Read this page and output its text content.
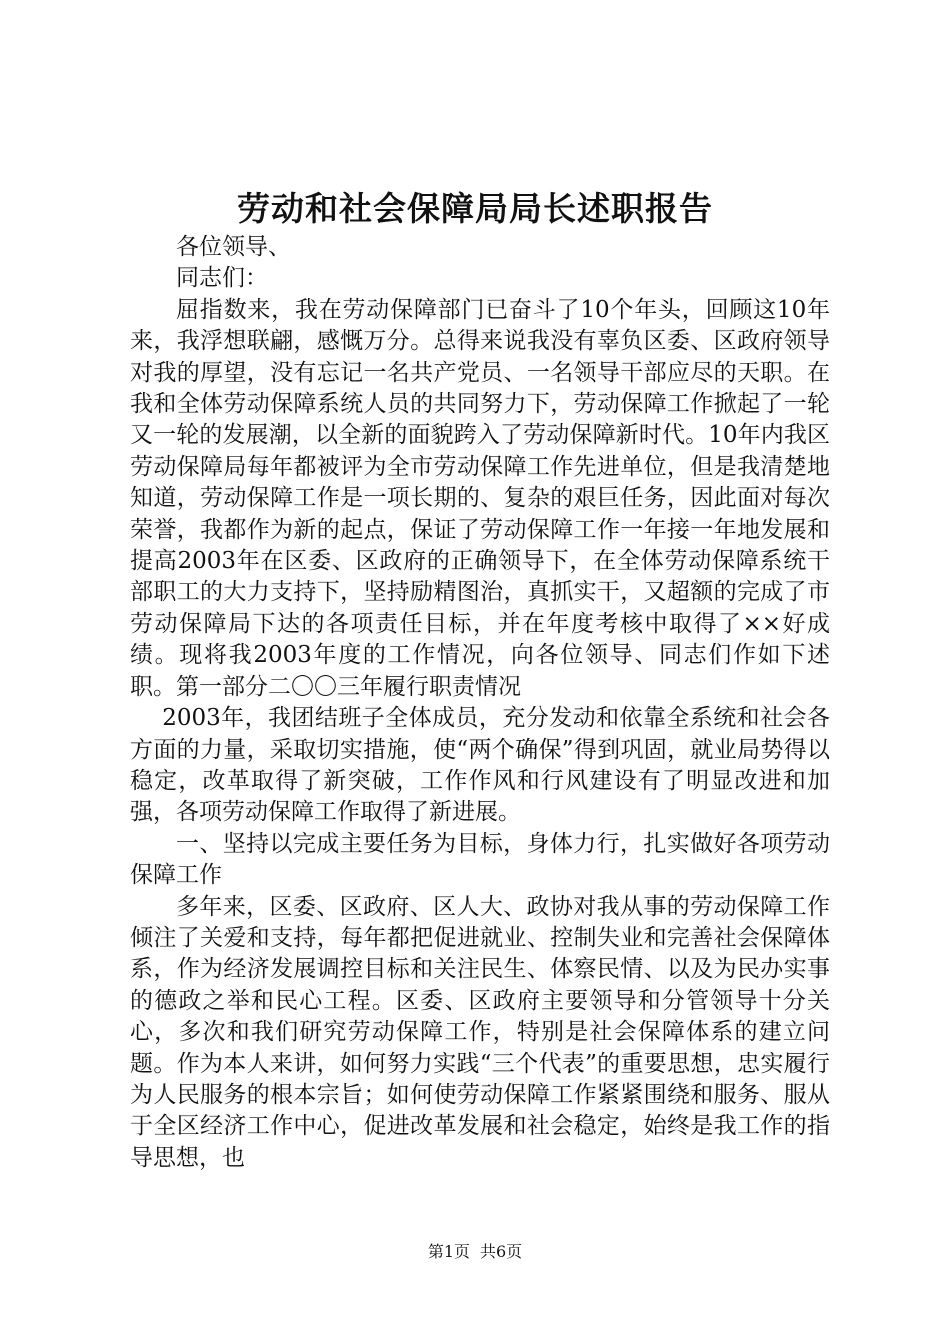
劳动和社会保障局局长述职报告

各位领导、

同志们：

屈指数来，我在劳动保障部门已奋斗了10个年头，回顾这10年来，我浮想联翩，感慨万分。总得来说我没有辜负区委、区政府领导对我的厚望，没有忘记一名共产党员、一名领导干部应尽的天职。在我和全体劳动保障系统人员的共同努力下，劳动保障工作掀起了一轮又一轮的发展潮，以全新的面貌跨入了劳动保障新时代。10年内我区劳动保障局每年都被评为全市劳动保障工作先进单位，但是我清楚地知道，劳动保障工作是一项长期的、复杂的艰巨任务，因此面对每次荣誉，我都作为新的起点，保证了劳动保障工作一年接一年地发展和提高2003年在区委、区政府的正确领导下，在全体劳动保障系统干部职工的大力支持下，坚持励精图治，真抓实干，又超额的完成了市劳动保障局下达的各项责任目标，并在年度考核中取得了××好成绩。现将我2003年度的工作情况，向各位领导、同志们作如下述职。第一部分二〇〇三年履行职责情况

2003年，我团结班子全体成员，充分发动和依靠全系统和社会各方面的力量，采取切实措施，使“两个确保”得到巩固，就业局势得以稳定，改革取得了新突破，工作作风和行风建设有了明显改进和加强，各项劳动保障工作取得了新进展。

一、坚持以完成主要任务为目标，身体力行，扎实做好各项劳动保障工作

多年来，区委、区政府、区人大、政协对我从事的劳动保障工作倾注了关爱和支持，每年都把促进就业、控制失业和完善社会保障体系，作为经济发展调控目标和关注民生、体察民情、以及为民办实事的德政之举和民心工程。区委、区政府主要领导和分管领导十分关心，多次和我们研究劳动保障工作，特别是社会保障体系的建立问题。作为本人来讲，如何努力实践“三个代表”的重要思想，忠实履行为人民服务的根本宗旨；如何使劳动保障工作紧紧围绕和服务、服从于全区经济工作中心，促进改革发展和社会稳定，始终是我工作的指导思想，也

第1页 共6页
